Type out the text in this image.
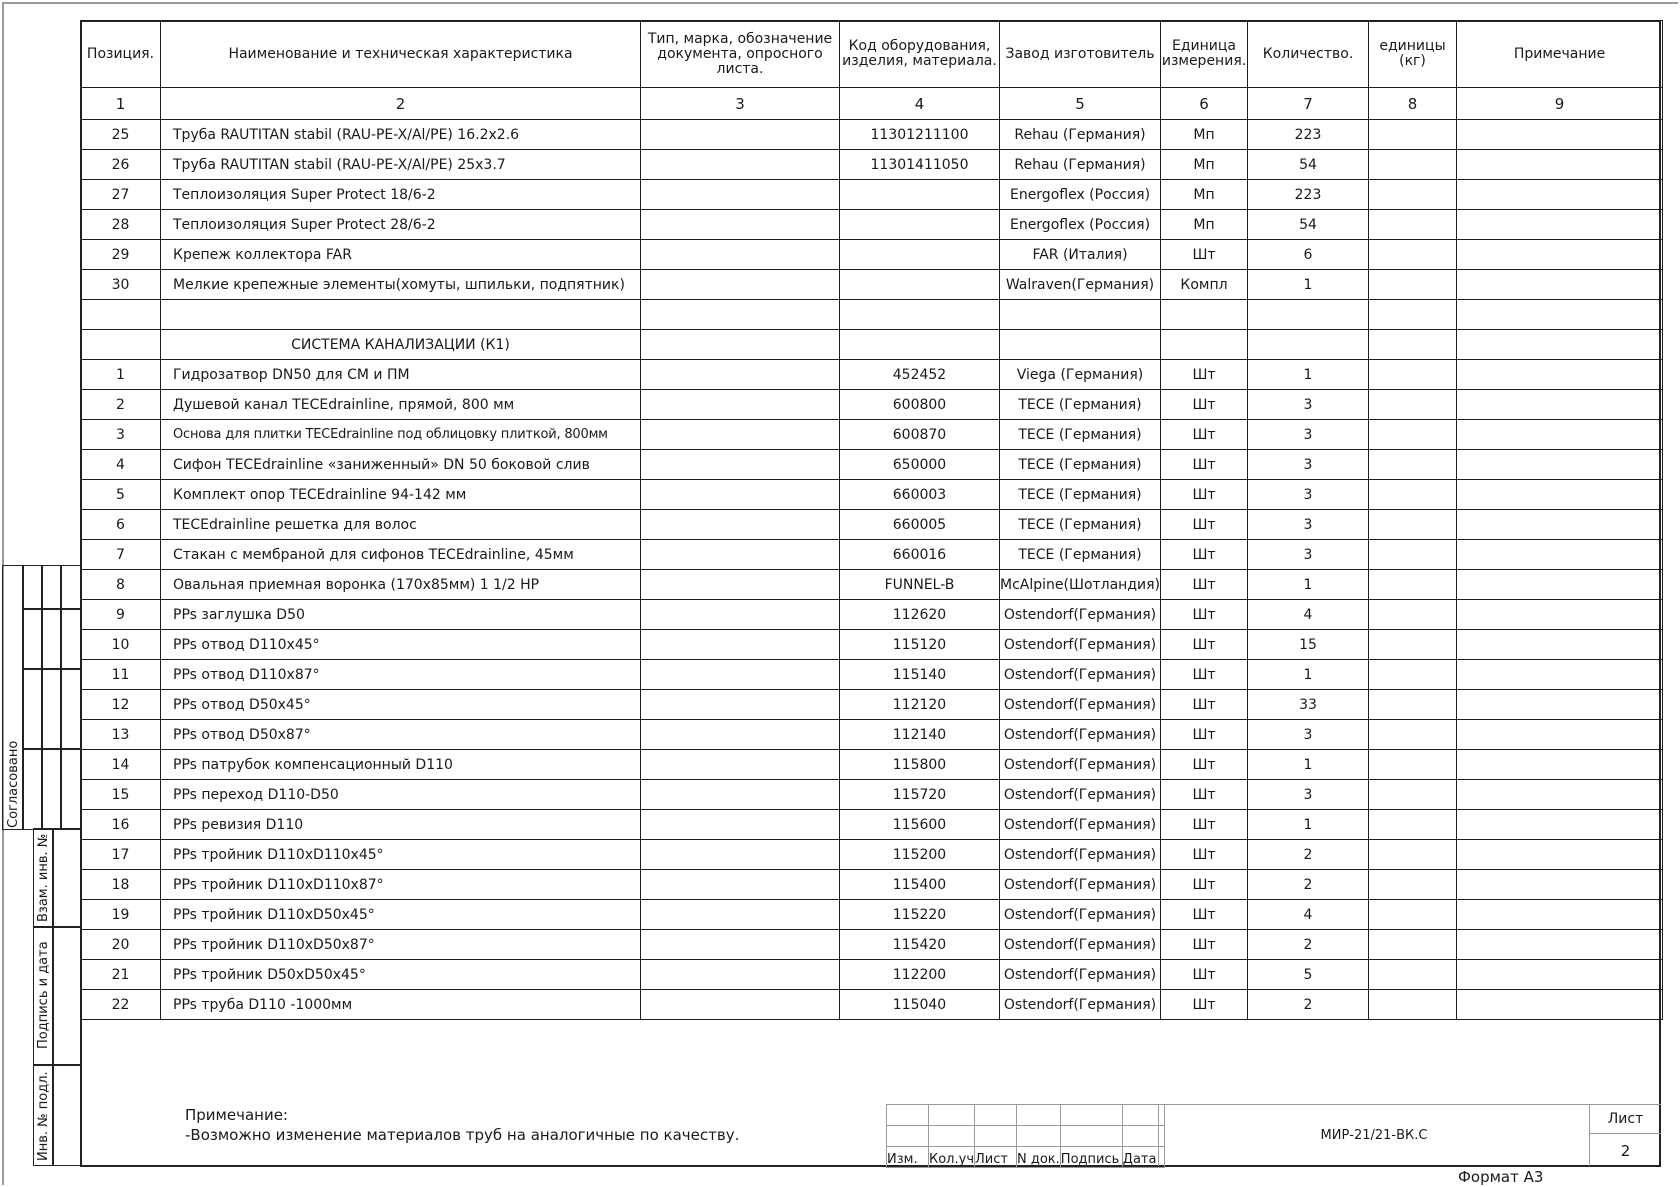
Согласовано
Взам. инв. №
Подпись и дата
Инв. № подл.
Позиция.	Наименование и техническая характеристика	Тип, марка, обозначение документа, опросного листа.	Код оборудования, изделия, материала.	Завод изготовитель	Единица измерения.	Количество.	единицы (кг)	Примечание
1	2	3	4	5	6	7	8	9
25	Труба RAUTITAN stabil (RAU-PE-X/Al/PE) 16.2x2.6		11301211100	Rehau (Германия)	Мп	223		
26	Труба RAUTITAN stabil (RAU-PE-X/Al/PE) 25x3.7		11301411050	Rehau (Германия)	Мп	54		
27	Теплоизоляция Super Protect 18/6-2			Energoflex (Россия)	Мп	223		
28	Теплоизоляция Super Protect 28/6-2			Energoflex (Россия)	Мп	54		
29	Крепеж коллектора FAR			FAR (Италия)	Шт	6		
30	Мелкие крепежные элементы(хомуты, шпильки, подпятник)			Walraven(Германия)	Компл	1		

	СИСТЕМА КАНАЛИЗАЦИИ (К1)							
1	Гидрозатвор DN50 для СМ и ПМ		452452	Viega (Германия)	Шт	1		
2	Душевой канал TECEdrainline, прямой, 800 мм		600800	TECE (Германия)	Шт	3		
3	Основа для плитки TECEdrainline под облицовку плиткой, 800мм		600870	TECE (Германия)	Шт	3		
4	Сифон TECEdrainline «заниженный» DN 50 боковой слив		650000	TECE (Германия)	Шт	3		
5	Комплект опор TECEdrainline 94-142 мм		660003	TECE (Германия)	Шт	3		
6	TECEdrainline решетка для волос		660005	TECE (Германия)	Шт	3		
7	Стакан с мембраной для сифонов TECEdrainline, 45мм		660016	TECE (Германия)	Шт	3		
8	Овальная приемная воронка (170x85мм) 1 1/2 HP		FUNNEL-B	McAlpine(Шотландия)	Шт	1		
9	PPs заглушка D50		112620	Ostendorf(Германия)	Шт	4		
10	PPs отвод D110x45°		115120	Ostendorf(Германия)	Шт	15		
11	PPs отвод D110x87°		115140	Ostendorf(Германия)	Шт	1		
12	PPs отвод D50x45°		112120	Ostendorf(Германия)	Шт	33		
13	PPs отвод D50x87°		112140	Ostendorf(Германия)	Шт	3		
14	PPs патрубок компенсационный D110		115800	Ostendorf(Германия)	Шт	1		
15	PPs переход D110-D50		115720	Ostendorf(Германия)	Шт	3		
16	PPs ревизия D110		115600	Ostendorf(Германия)	Шт	1		
17	PPs тройник D110xD110x45°		115200	Ostendorf(Германия)	Шт	2		
18	PPs тройник D110xD110x87°		115400	Ostendorf(Германия)	Шт	2		
19	PPs тройник D110xD50x45°		115220	Ostendorf(Германия)	Шт	4		
20	PPs тройник D110xD50x87°		115420	Ostendorf(Германия)	Шт	2		
21	PPs тройник D50xD50x45°		112200	Ostendorf(Германия)	Шт	5		
22	PPs труба D110 -1000мм		115040	Ostendorf(Германия)	Шт	2		
Примечание:
-Возможно изменение материалов труб на аналогичные по качеству.

Изм.	Кол.уч	Лист	N док.	Подпись	Дата
МИР-21/21-ВК.С
Лист
2
Формат А3
